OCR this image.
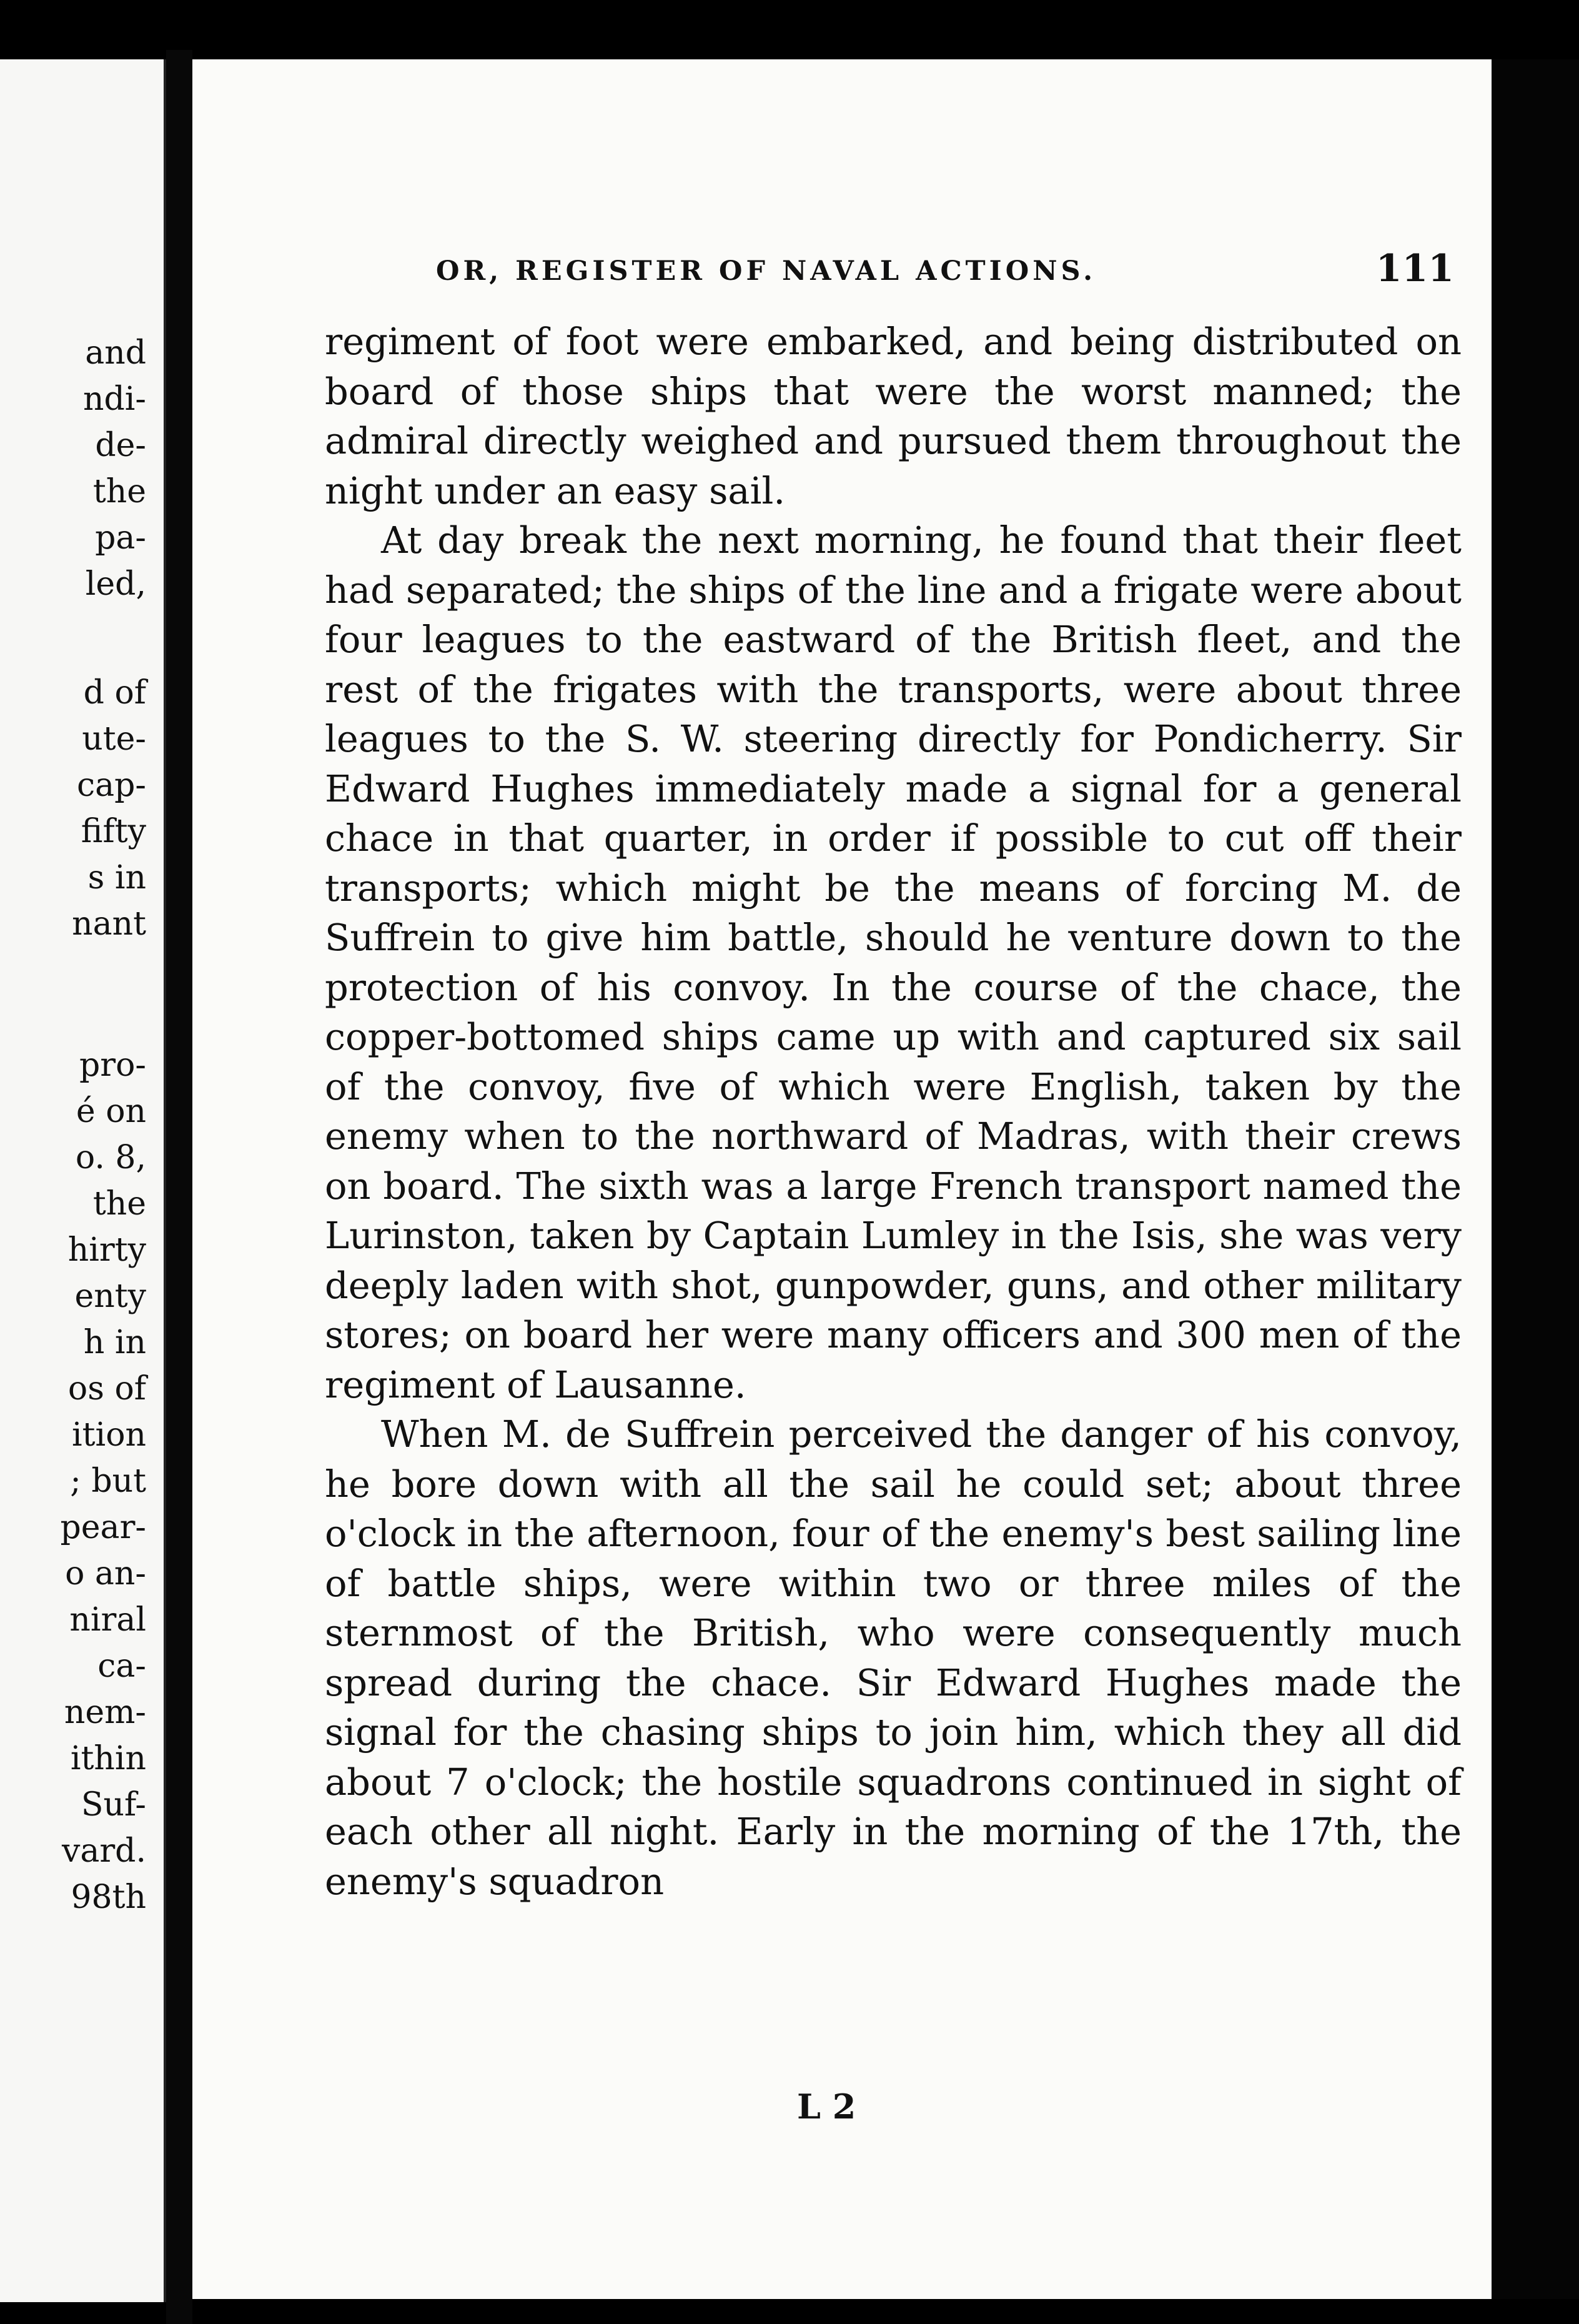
and
ndi-
de-
the
pa-
led,
d of
ute-
cap-
fifty
s in
nant
pro-
é on
o. 8,
the
hirty
enty
h in
os of
ition
; but
pear-
o an-
niral
ca-
nem-
ithin
Suf-
vard.
98th
OR, REGISTER OF NAVAL ACTIONS.	111

regiment of foot were embarked, and being distributed on board of those ships that were the worst manned; the admiral directly weighed and pursued them throughout the night under an easy sail.

At day break the next morning, he found that their fleet had separated; the ships of the line and a frigate were about four leagues to the eastward of the British fleet, and the rest of the frigates with the transports, were about three leagues to the S. W. steering directly for Pondicherry. Sir Edward Hughes immediately made a signal for a general chace in that quarter, in order if possible to cut off their transports; which might be the means of forcing M. de Suffrein to give him battle, should he venture down to the protection of his convoy. In the course of the chace, the copper-bottomed ships came up with and captured six sail of the convoy, five of which were English, taken by the enemy when to the northward of Madras, with their crews on board. The sixth was a large French transport named the Lurinston, taken by Captain Lumley in the Isis, she was very deeply laden with shot, gunpowder, guns, and other military stores; on board her were many officers and 300 men of the regiment of Lausanne.

When M. de Suffrein perceived the danger of his convoy, he bore down with all the sail he could set; about three o'clock in the afternoon, four of the enemy's best sailing line of battle ships, were within two or three miles of the sternmost of the British, who were consequently much spread during the chace. Sir Edward Hughes made the signal for the chasing ships to join him, which they all did about 7 o'clock; the hostile squadrons continued in sight of each other all night. Early in the morning of the 17th, the enemy's squadron

L 2
